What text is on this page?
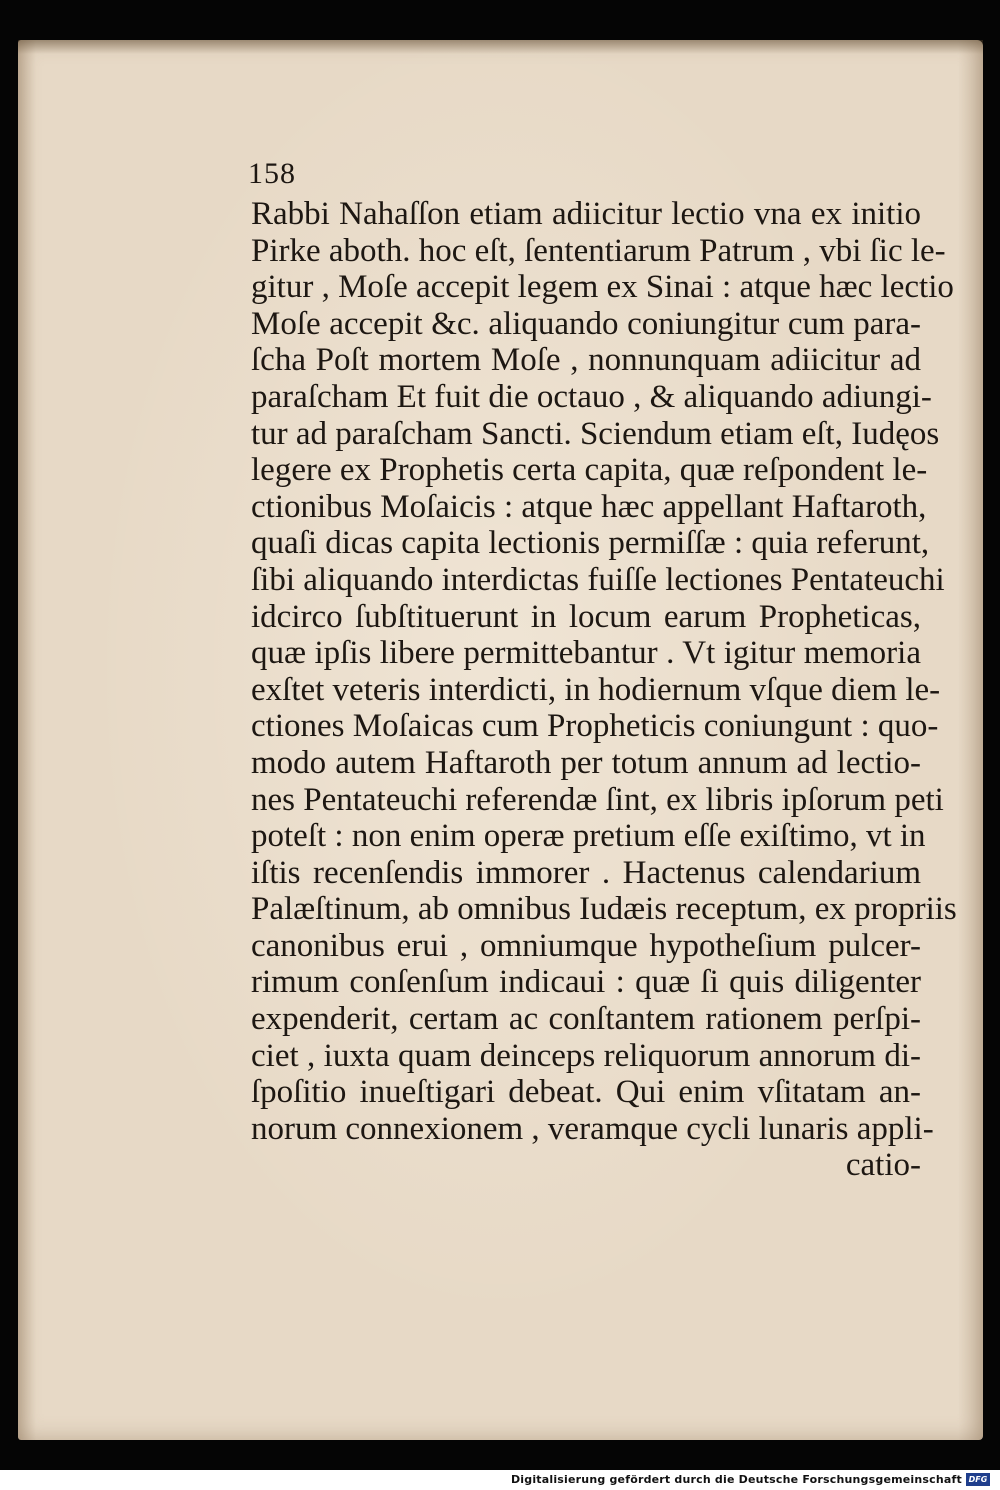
158
Rabbi Nahaſſon etiam adiicitur lectio vna ex initio
Pirke aboth. hoc eſt, ſententiarum Patrum , vbi ſic le-
gitur , Moſe accepit legem ex Sinai : atque hæc lectio
Moſe accepit &c. aliquando coniungitur cum para-
ſcha Poſt mortem Moſe , nonnunquam adiicitur ad
paraſcham Et fuit die octauo , & aliquando adiungi-
tur ad paraſcham Sancti. Sciendum etiam eſt, Iudęos
legere ex Prophetis certa capita, quæ reſpondent le-
ctionibus Moſaicis : atque hæc appellant Haftaroth,
quaſi dicas capita lectionis permiſſæ : quia referunt,
ſibi aliquando interdictas fuiſſe lectiones Pentateuchi
idcirco ſubſtituerunt in locum earum Propheticas,
quæ ipſis libere permittebantur . Vt igitur memoria
exſtet veteris interdicti, in hodiernum vſque diem le-
ctiones Moſaicas cum Propheticis coniungunt : quo-
modo autem Haftaroth per totum annum ad lectio-
nes Pentateuchi referendæ ſint, ex libris ipſorum peti
poteſt : non enim operæ pretium eſſe exiſtimo, vt in
iſtis recenſendis immorer . Hactenus calendarium
Palæſtinum, ab omnibus Iudæis receptum, ex propriis
canonibus erui , omniumque hypotheſium pulcer-
rimum conſenſum indicaui : quæ ſi quis diligenter
expenderit, certam ac conſtantem rationem perſpi-
ciet , iuxta quam deinceps reliquorum annorum di-
ſpoſitio inueſtigari debeat. Qui enim vſitatam an-
norum connexionem , veramque cycli lunaris appli-
catio-
Digitalisierung gefördert durch die Deutsche Forschungsgemeinschaft DFG
